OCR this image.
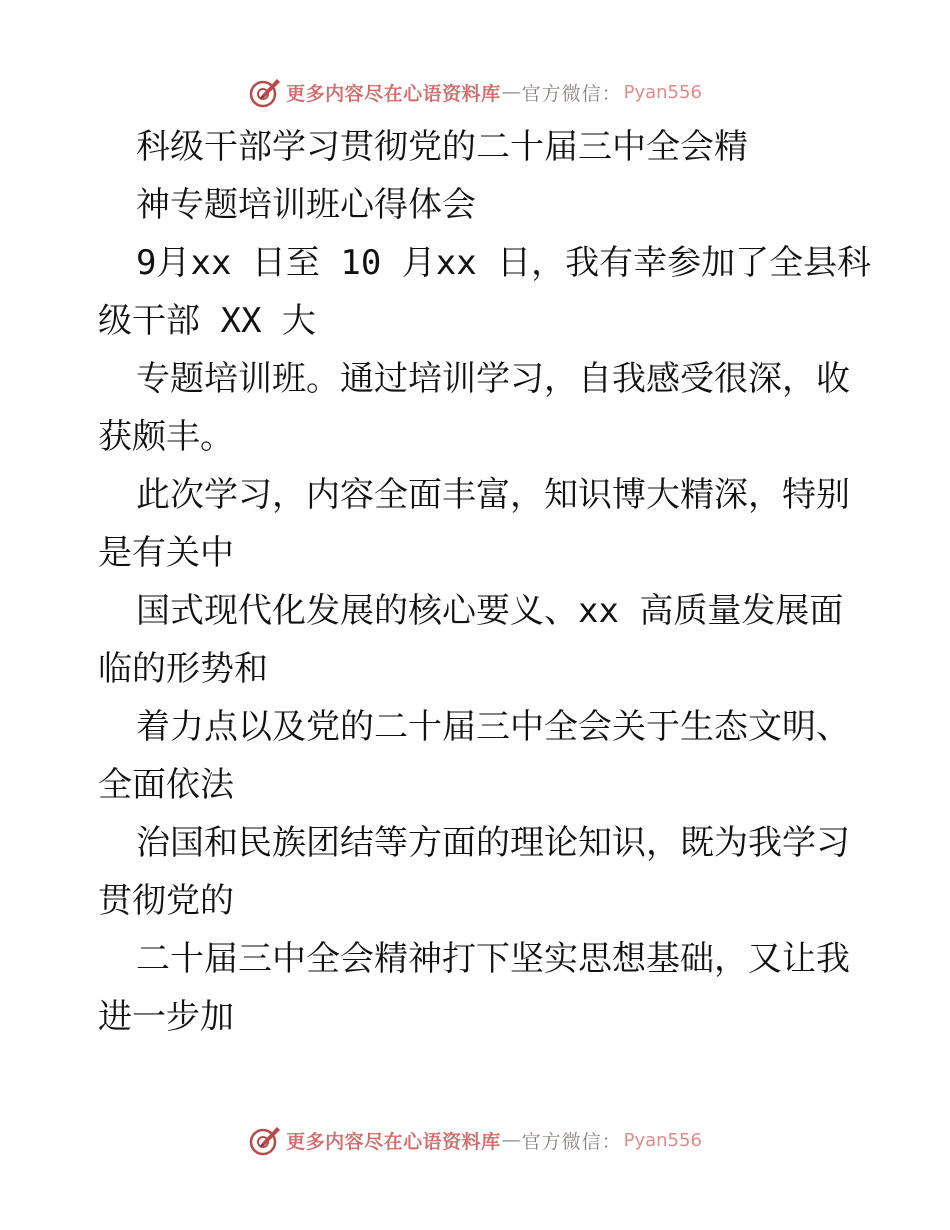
更多内容尽在心语资料库 — 官方微信： Pyan556
科级干部学习贯彻党的二十届三中全会精
神专题培训班心得体会
9月xx 日至 10 月xx 日，我有幸参加了全县科
级干部 XX 大
专题培训班。通过培训学习，自我感受很深，收
获颇丰。
此次学习，内容全面丰富，知识博大精深，特别
是有关中
国式现代化发展的核心要义、xx 高质量发展面
临的形势和
着力点以及党的二十届三中全会关于生态文明、
全面依法
治国和民族团结等方面的理论知识，既为我学习
贯彻党的
二十届三中全会精神打下坚实思想基础，又让我
进一步加
更多内容尽在心语资料库 — 官方微信： Pyan556
